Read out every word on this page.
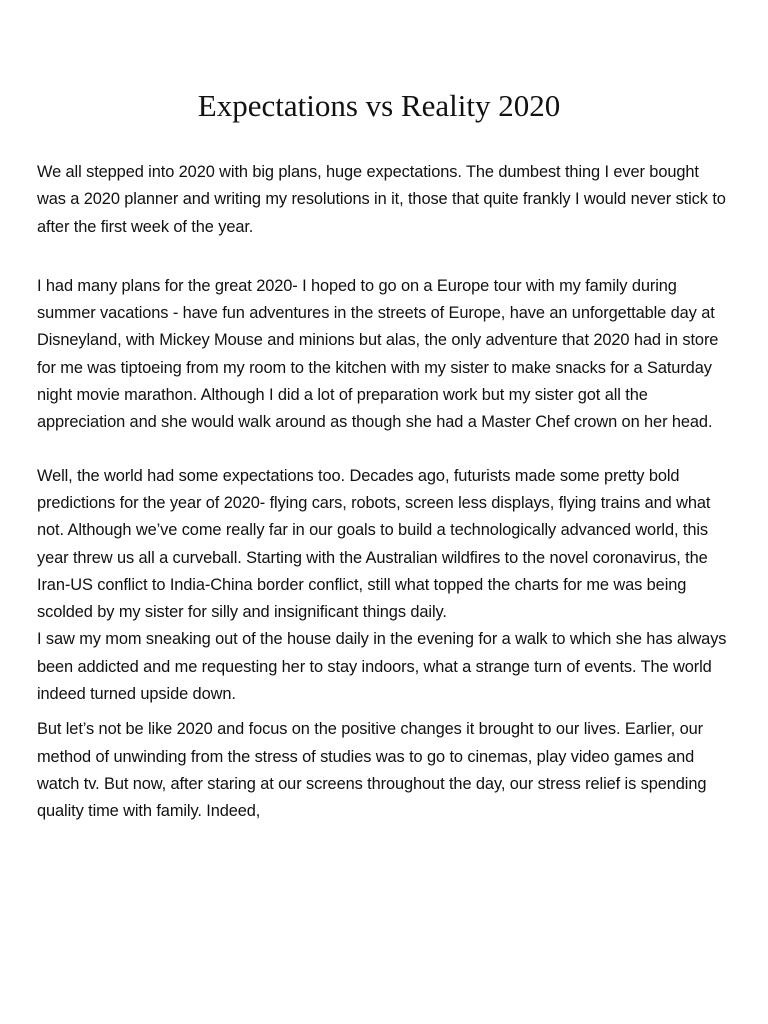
Expectations vs Reality 2020

We all stepped into 2020 with big plans, huge expectations. The dumbest thing I ever bought was a 2020 planner and writing my resolutions in it, those that quite frankly I would never stick to after the first week of the year.

I had many plans for the great 2020- I hoped to go on a Europe tour with my family during summer vacations - have fun adventures in the streets of Europe, have an unforgettable day at Disneyland, with Mickey Mouse and minions but alas, the only adventure that 2020 had in store for me was tiptoeing from my room to the kitchen with my sister to make snacks for a Saturday night movie marathon. Although I did a lot of preparation work but my sister got all the appreciation and she would walk around as though she had a Master Chef crown on her head.

Well, the world had some expectations too. Decades ago, futurists made some pretty bold predictions for the year of 2020- flying cars, robots, screen less displays, flying trains and what not. Although we’ve come really far in our goals to build a technologically advanced world, this year threw us all a curveball. Starting with the Australian wildfires to the novel coronavirus, the Iran-US conflict to India-China border conflict, still what topped the charts for me was being scolded by my sister for silly and insignificant things daily.

I saw my mom sneaking out of the house daily in the evening for a walk to which she has always been addicted and me requesting her to stay indoors, what a strange turn of events. The world indeed turned upside down.

But let’s not be like 2020 and focus on the positive changes it brought to our lives. Earlier, our method of unwinding from the stress of studies was to go to cinemas, play video games and watch tv. But now, after staring at our screens throughout the day, our stress relief is spending quality time with family. Indeed,
